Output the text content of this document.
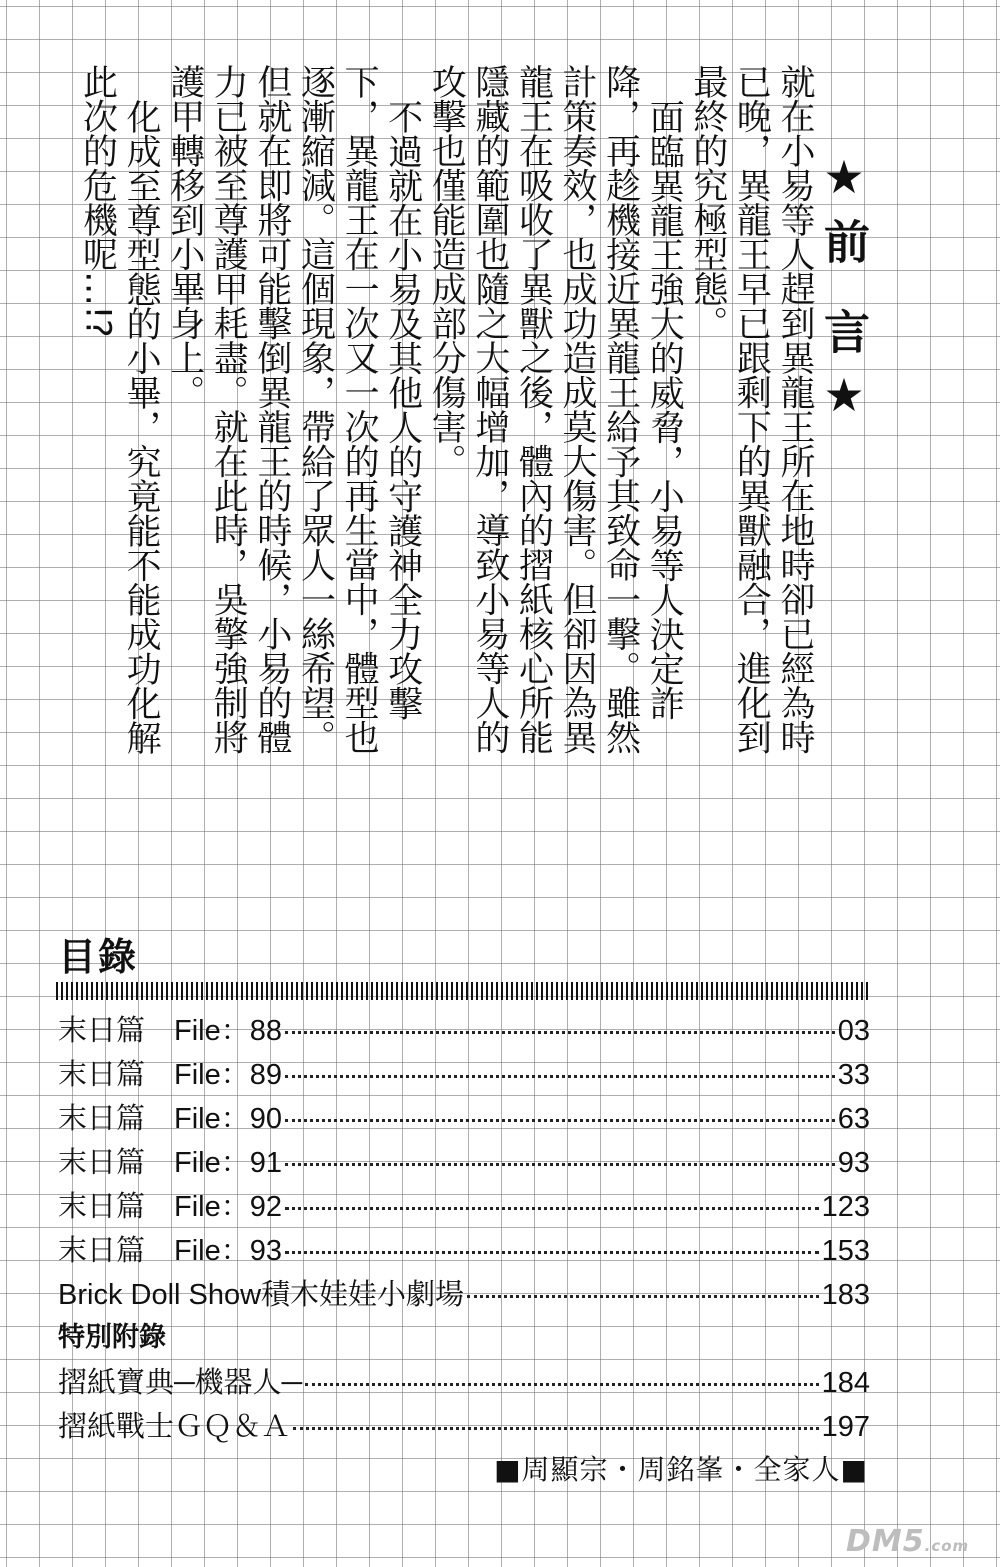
★前 言★

就在小易等人趕到異龍王所在地時卻已經為時已晚，異龍王早已跟剩下的異獸融合，進化到最終的究極型態。

面臨異龍王強大的威脅，小易等人決定詐降，再趁機接近異龍王給予其致命一擊。雖然計策奏效，也成功造成莫大傷害。但卻因為異龍王在吸收了異獸之後，體內的摺紙核心所能隱藏的範圍也隨之大幅增加，導致小易等人的攻擊也僅能造成部分傷害。

不過就在小易及其他人的守護神全力攻擊下，異龍王在一次又一次的再生當中，體型也逐漸縮減。這個現象，帶給了眾人一絲希望。但就在即將可能擊倒異龍王的時候，小易的體力已被至尊護甲耗盡。就在此時，吳擎強制將護甲轉移到小畢身上。

化成至尊型態的小畢，究竟能不能成功化解此次的危機呢…!?

目錄
末日篇　File：88	03
末日篇　File：89	33
末日篇　File：90	63
末日篇　File：91	93
末日篇　File：92	123
末日篇　File：93	153
Brick Doll Show積木娃娃小劇場	183
特別附錄
摺紙寶典─機器人─	184
摺紙戰士ＧＱ＆Ａ	197
■周顯宗・周銘峯・全家人■
DM5.com
